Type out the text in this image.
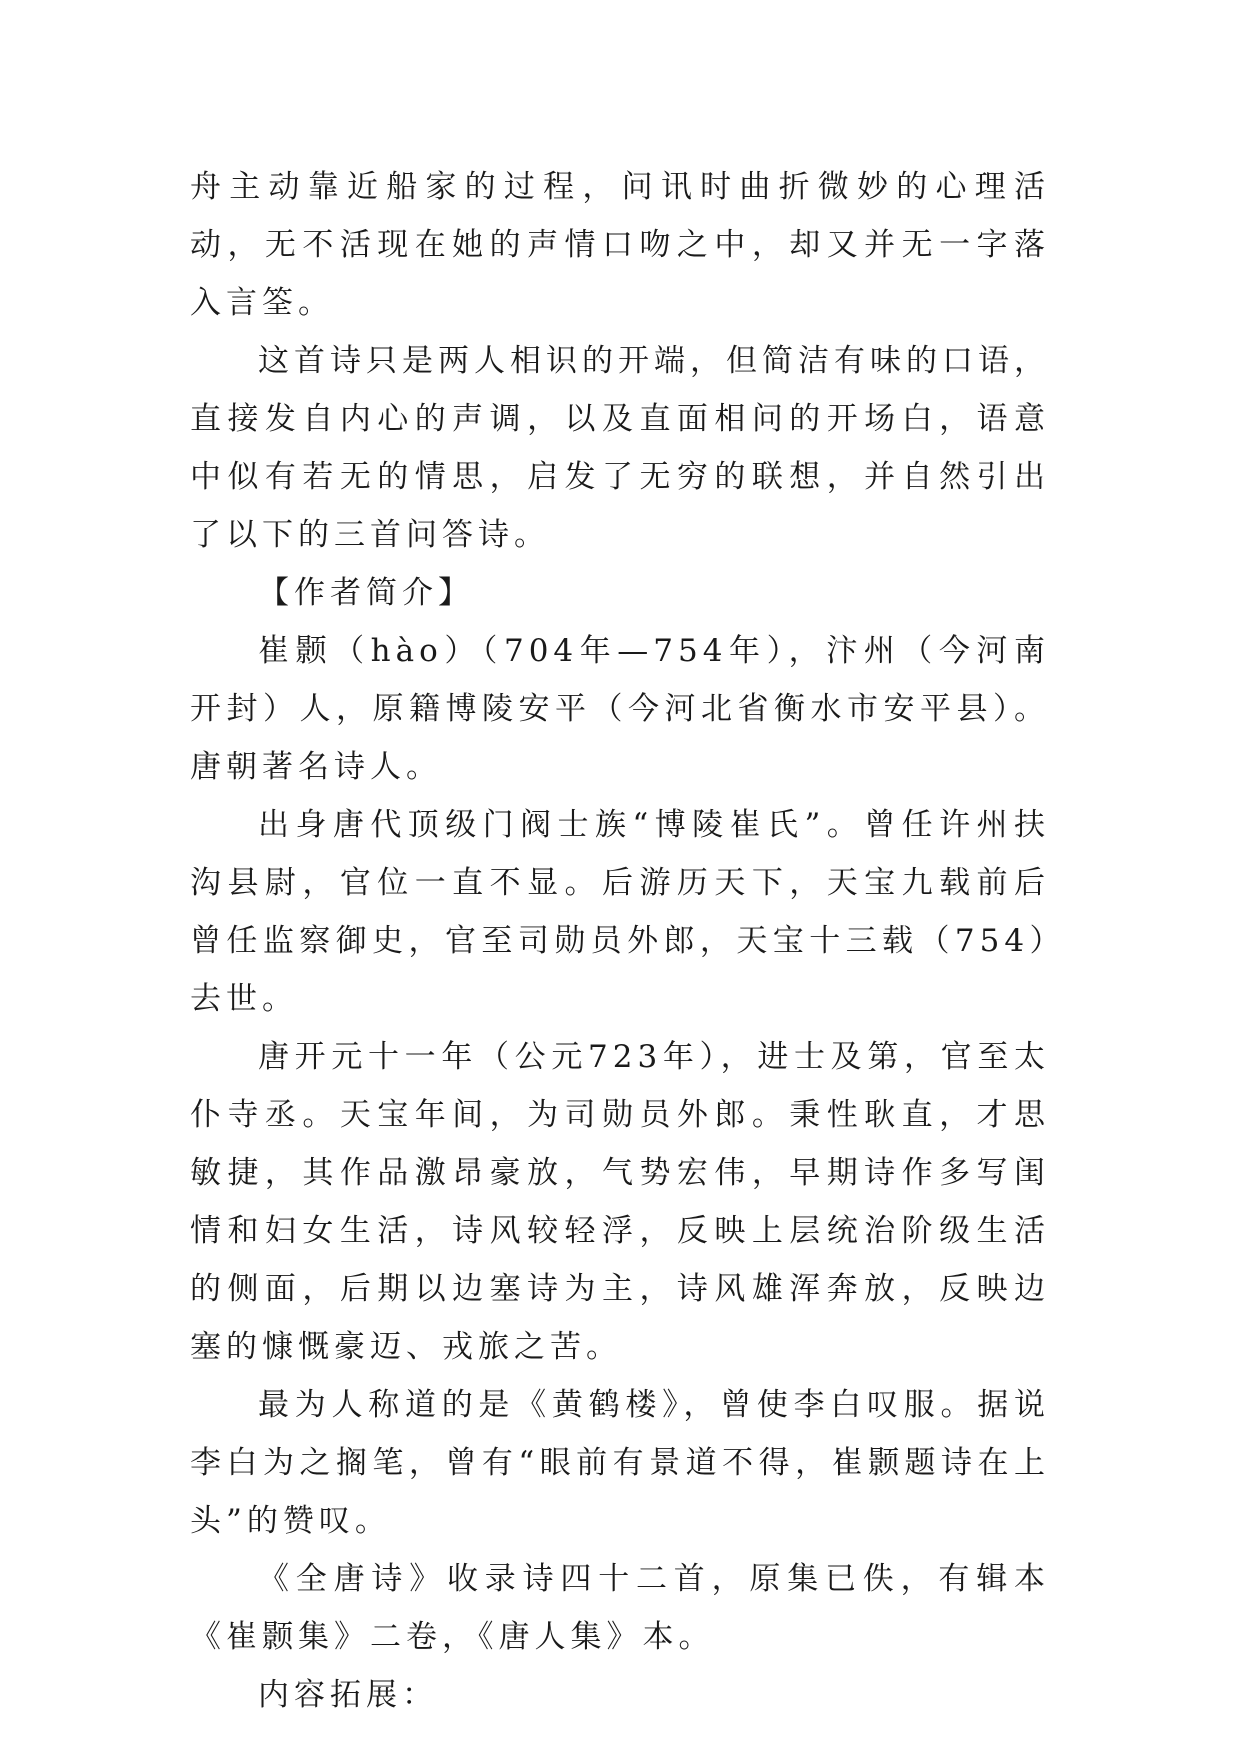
舟主动靠近船家的过程，问讯时曲折微妙的心理活动，无不活现在她的声情口吻之中，却又并无一字落入言筌。

这首诗只是两人相识的开端，但简洁有味的口语，直接发自内心的声调，以及直面相问的开场白，语意中似有若无的情思，启发了无穷的联想，并自然引出了以下的三首问答诗。

【作者简介】

崔颢（hào）（704年—754年），汴州（今河南开封）人，原籍博陵安平（今河北省衡水市安平县）。唐朝著名诗人。

出身唐代顶级门阀士族“博陵崔氏”。曾任许州扶沟县尉，官位一直不显。后游历天下，天宝九载前后曾任监察御史，官至司勋员外郎，天宝十三载（754）去世。

唐开元十一年（公元723年），进士及第，官至太仆寺丞。天宝年间，为司勋员外郎。秉性耿直，才思敏捷，其作品激昂豪放，气势宏伟，早期诗作多写闺情和妇女生活，诗风较轻浮，反映上层统治阶级生活的侧面，后期以边塞诗为主，诗风雄浑奔放，反映边塞的慷慨豪迈、戎旅之苦。

最为人称道的是《黄鹤楼》，曾使李白叹服。据说李白为之搁笔，曾有“眼前有景道不得，崔颢题诗在上头”的赞叹。

《全唐诗》收录诗四十二首，原集已佚，有辑本《崔颢集》二卷，《唐人集》本。

内容拓展：
